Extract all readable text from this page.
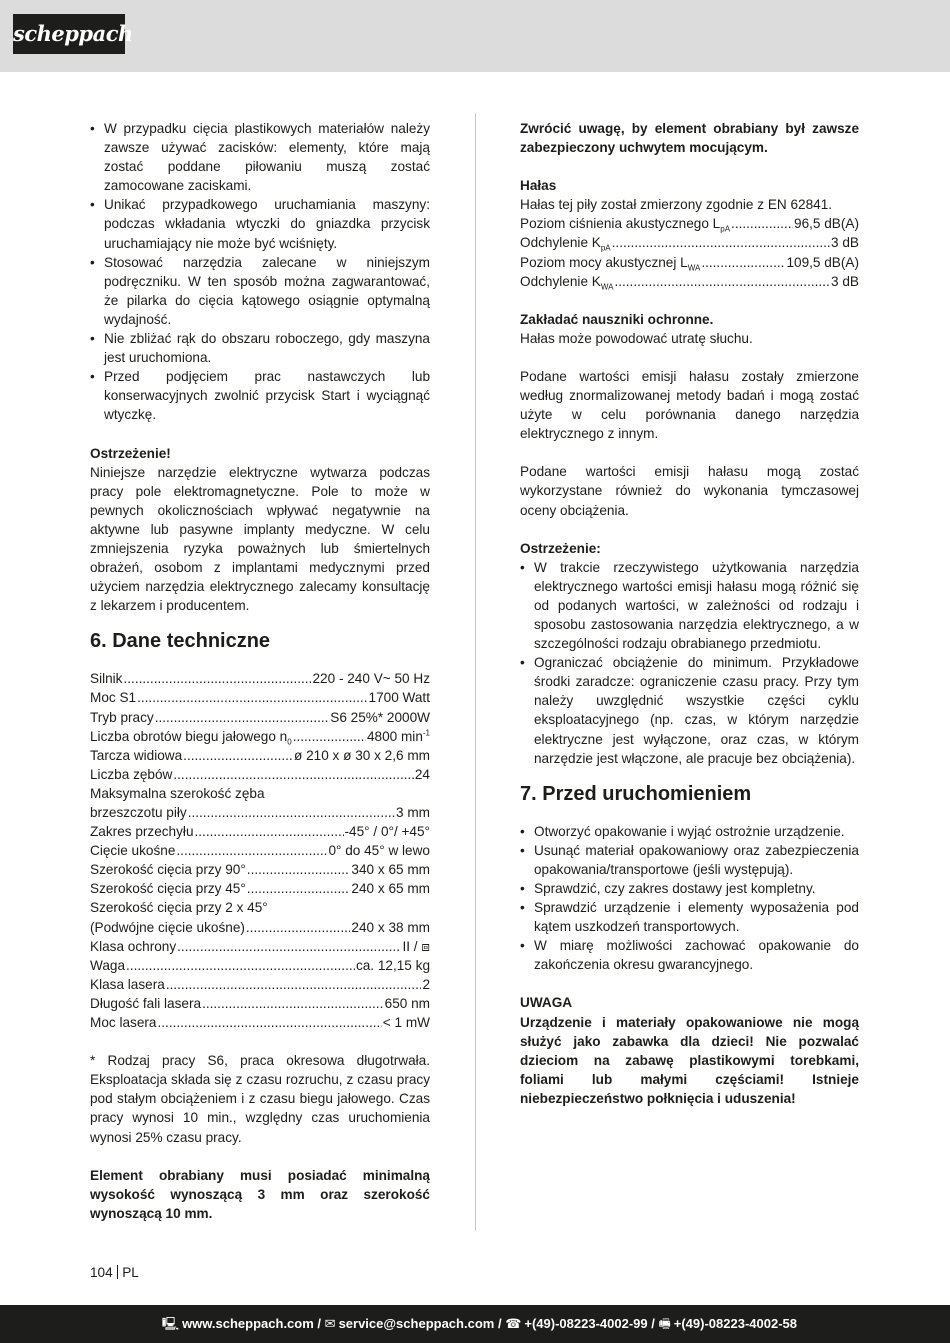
scheppach
• W przypadku cięcia plastikowych materiałów należy zawsze używać zacisków: elementy, które mają zostać poddane piłowaniu muszą zostać zamocowane zaciskami.
• Unikać przypadkowego uruchamiania maszyny: podczas wkładania wtyczki do gniazdka przycisk uruchamiający nie może być wciśnięty.
• Stosować narzędzia zalecane w niniejszym podręczniku. W ten sposób można zagwarantować, że pilarka do cięcia kątowego osiągnie optymalną wydajność.
• Nie zbliżać rąk do obszaru roboczego, gdy maszyna jest uruchomiona.
• Przed podjęciem prac nastawczych lub konserwacyjnych zwolnić przycisk Start i wyciągnąć wtyczkę.

Ostrzeżenie!

Niniejsze narzędzie elektryczne wytwarza podczas pracy pole elektromagnetyczne. Pole to może w pewnych okolicznościach wpływać negatywnie na aktywne lub pasywne implanty medyczne. W celu zmniejszenia ryzyka poważnych lub śmiertelnych obrażeń, osobom z implantami medycznymi przed użyciem narzędzia elektrycznego zalecamy konsultację z lekarzem i producentem.

6. Dane techniczne
Silnik .....	220 - 240 V~ 50 Hz
Moc S1 .....	1700 Watt
Tryb pracy .....	S6 25%* 2000W
Liczba obrotów biegu jałowego $n_0$ .....	4800 $\min^{-1}$
Tarcza widiowa .....	ø 210 x ø 30 x 2,6 mm
Liczba zębów .....	24
Maksymalna szerokość zęba
brzeszczotu piły .....	3 mm
Zakres przechyłu .....	-45° / 0°/ +45°
Cięcie ukośne .....	0° do 45° w lewo
Szerokość cięcia przy 90° .....	340 x 65 mm
Szerokość cięcia przy 45° .....	240 x 65 mm
Szerokość cięcia przy 2 x 45°
(Podwójne cięcie ukośne) .....	240 x 38 mm
Klasa ochrony .....	II / ⧈
Waga .....	ca. 12,15 kg
Klasa lasera .....	2
Długość fali lasera .....	650 nm
Moc lasera .....	< 1 mW

* Rodzaj pracy S6, praca okresowa długotrwała. Eksploatacja składa się z czasu rozruchu, z czasu pracy pod stałym obciążeniem i z czasu biegu jałowego. Czas pracy wynosi 10 min., względny czas uruchomienia wynosi 25% czasu pracy.

Element obrabiany musi posiadać minimalną wysokość wynoszącą 3 mm oraz szerokość wynoszącą 10 mm.

Zwrócić uwagę, by element obrabiany był zawsze zabezpieczony uchwytem mocującym.

Hałas

Hałas tej piły został zmierzony zgodnie z EN 62841.

Poziom ciśnienia akustycznego $L_{pA}$ .....	96,5 dB(A)
Odchylenie $K_{pA}$ .....	3 dB
Poziom mocy akustycznej $L_{WA}$ .....	109,5 dB(A)
Odchylenie $K_{WA}$ .....	3 dB

Zakładać nauszniki ochronne.

Hałas może powodować utratę słuchu.

Podane wartości emisji hałasu zostały zmierzone według znormalizowanej metody badań i mogą zostać użyte w celu porównania danego narzędzia elektrycznego z innym.

Podane wartości emisji hałasu mogą zostać wykorzystane również do wykonania tymczasowej oceny obciążenia.

Ostrzeżenie:

• W trakcie rzeczywistego użytkowania narzędzia elektrycznego wartości emisji hałasu mogą różnić się od podanych wartości, w zależności od rodzaju i sposobu zastosowania narzędzia elektrycznego, a w szczególności rodzaju obrabianego przedmiotu.
• Ograniczać obciążenie do minimum. Przykładowe środki zaradcze: ograniczenie czasu pracy. Przy tym należy uwzględnić wszystkie części cyklu eksploatacyjnego (np. czas, w którym narzędzie elektryczne jest wyłączone, oraz czas, w którym narzędzie jest włączone, ale pracuje bez obciążenia).
7. Przed uruchomieniem
• Otworzyć opakowanie i wyjąć ostrożnie urządzenie.
• Usunąć materiał opakowaniowy oraz zabezpieczenia opakowania/transportowe (jeśli występują).
• Sprawdzić, czy zakres dostawy jest kompletny.
• Sprawdzić urządzenie i elementy wyposażenia pod kątem uszkodzeń transportowych.
• W miarę możliwości zachować opakowanie do zakończenia okresu gwarancyjnego.

UWAGA

Urządzenie i materiały opakowaniowe nie mogą służyć jako zabawka dla dzieci! Nie pozwalać dzieciom na zabawę plastikowymi torebkami, foliami lub małymi częściami! Istnieje niebezpieczeństwo połknięcia i uduszenia!

104 PL
🖳 www.scheppach.com / ✉ service@scheppach.com / ☎ +(49)-08223-4002-99 / 🖷 +(49)-08223-4002-58
